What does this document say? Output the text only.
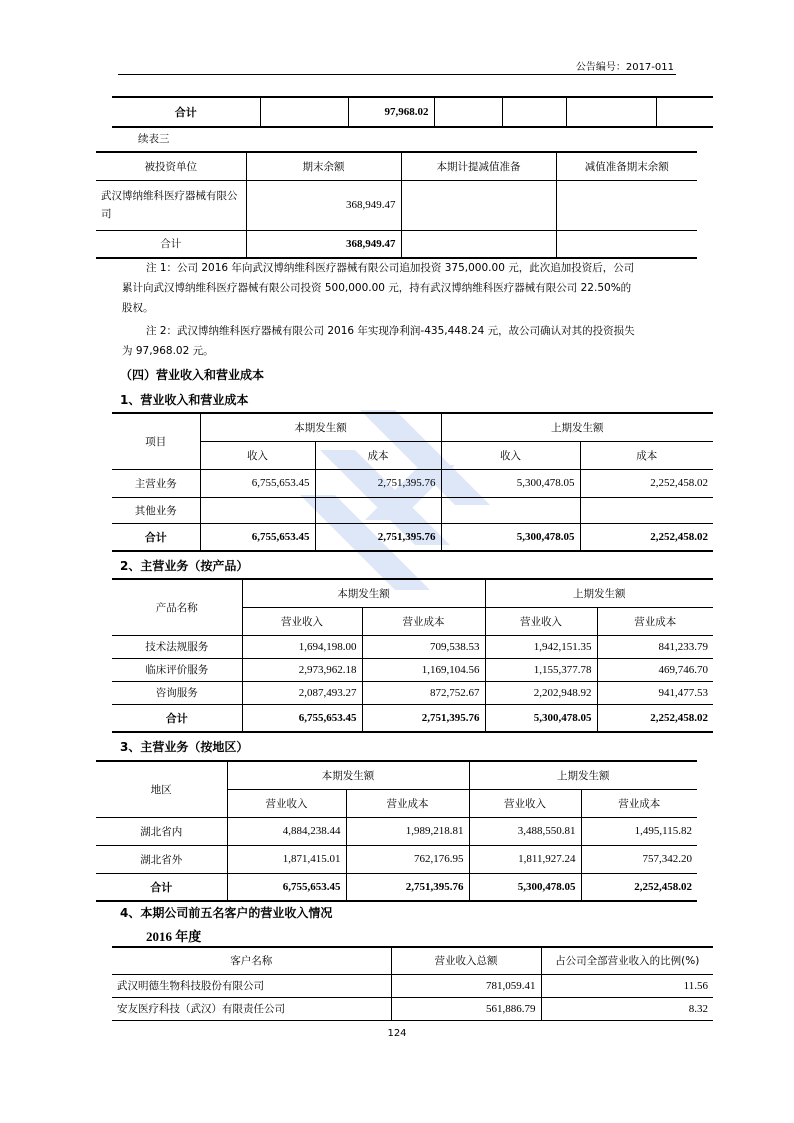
公告编号：2017-011
合计		97,968.02				
续表三
被投资单位	期末余额	本期计提减值准备	减值准备期末余额
武汉博纳维科医疗器械有限公司	368,949.47		
合计	368,949.47		
注 1：公司 2016 年向武汉博纳维科医疗器械有限公司追加投资 375,000.00 元，此次追加投资后，公司
累计向武汉博纳维科医疗器械有限公司投资 500,000.00 元，持有武汉博纳维科医疗器械有限公司 22.50%的
股权。
注 2：武汉博纳维科医疗器械有限公司 2016 年实现净利润-435,448.24 元，故公司确认对其的投资损失
为 97,968.02 元。
（四）营业收入和营业成本
1、营业收入和营业成本
项目	本期发生额		上期发生额	
	收入	成本	收入	成本
主营业务	6,755,653.45	2,751,395.76	5,300,478.05	2,252,458.02
其他业务				
合计	6,755,653.45	2,751,395.76	5,300,478.05	2,252,458.02
2、主营业务（按产品）
产品名称	本期发生额		上期发生额	
	营业收入	营业成本	营业收入	营业成本
技术法规服务	1,694,198.00	709,538.53	1,942,151.35	841,233.79
临床评价服务	2,973,962.18	1,169,104.56	1,155,377.78	469,746.70
咨询服务	2,087,493.27	872,752.67	2,202,948.92	941,477.53
合计	6,755,653.45	2,751,395.76	5,300,478.05	2,252,458.02
3、主营业务（按地区）
地区	本期发生额		上期发生额	
	营业收入	营业成本	营业收入	营业成本
湖北省内	4,884,238.44	1,989,218.81	3,488,550.81	1,495,115.82
湖北省外	1,871,415.01	762,176.95	1,811,927.24	757,342.20
合计	6,755,653.45	2,751,395.76	5,300,478.05	2,252,458.02
4、本期公司前五名客户的营业收入情况
2016 年度
客户名称	营业收入总额	占公司全部营业收入的比例(%)
武汉明德生物科技股份有限公司	781,059.41	11.56
安友医疗科技（武汉）有限责任公司	561,886.79	8.32
124
